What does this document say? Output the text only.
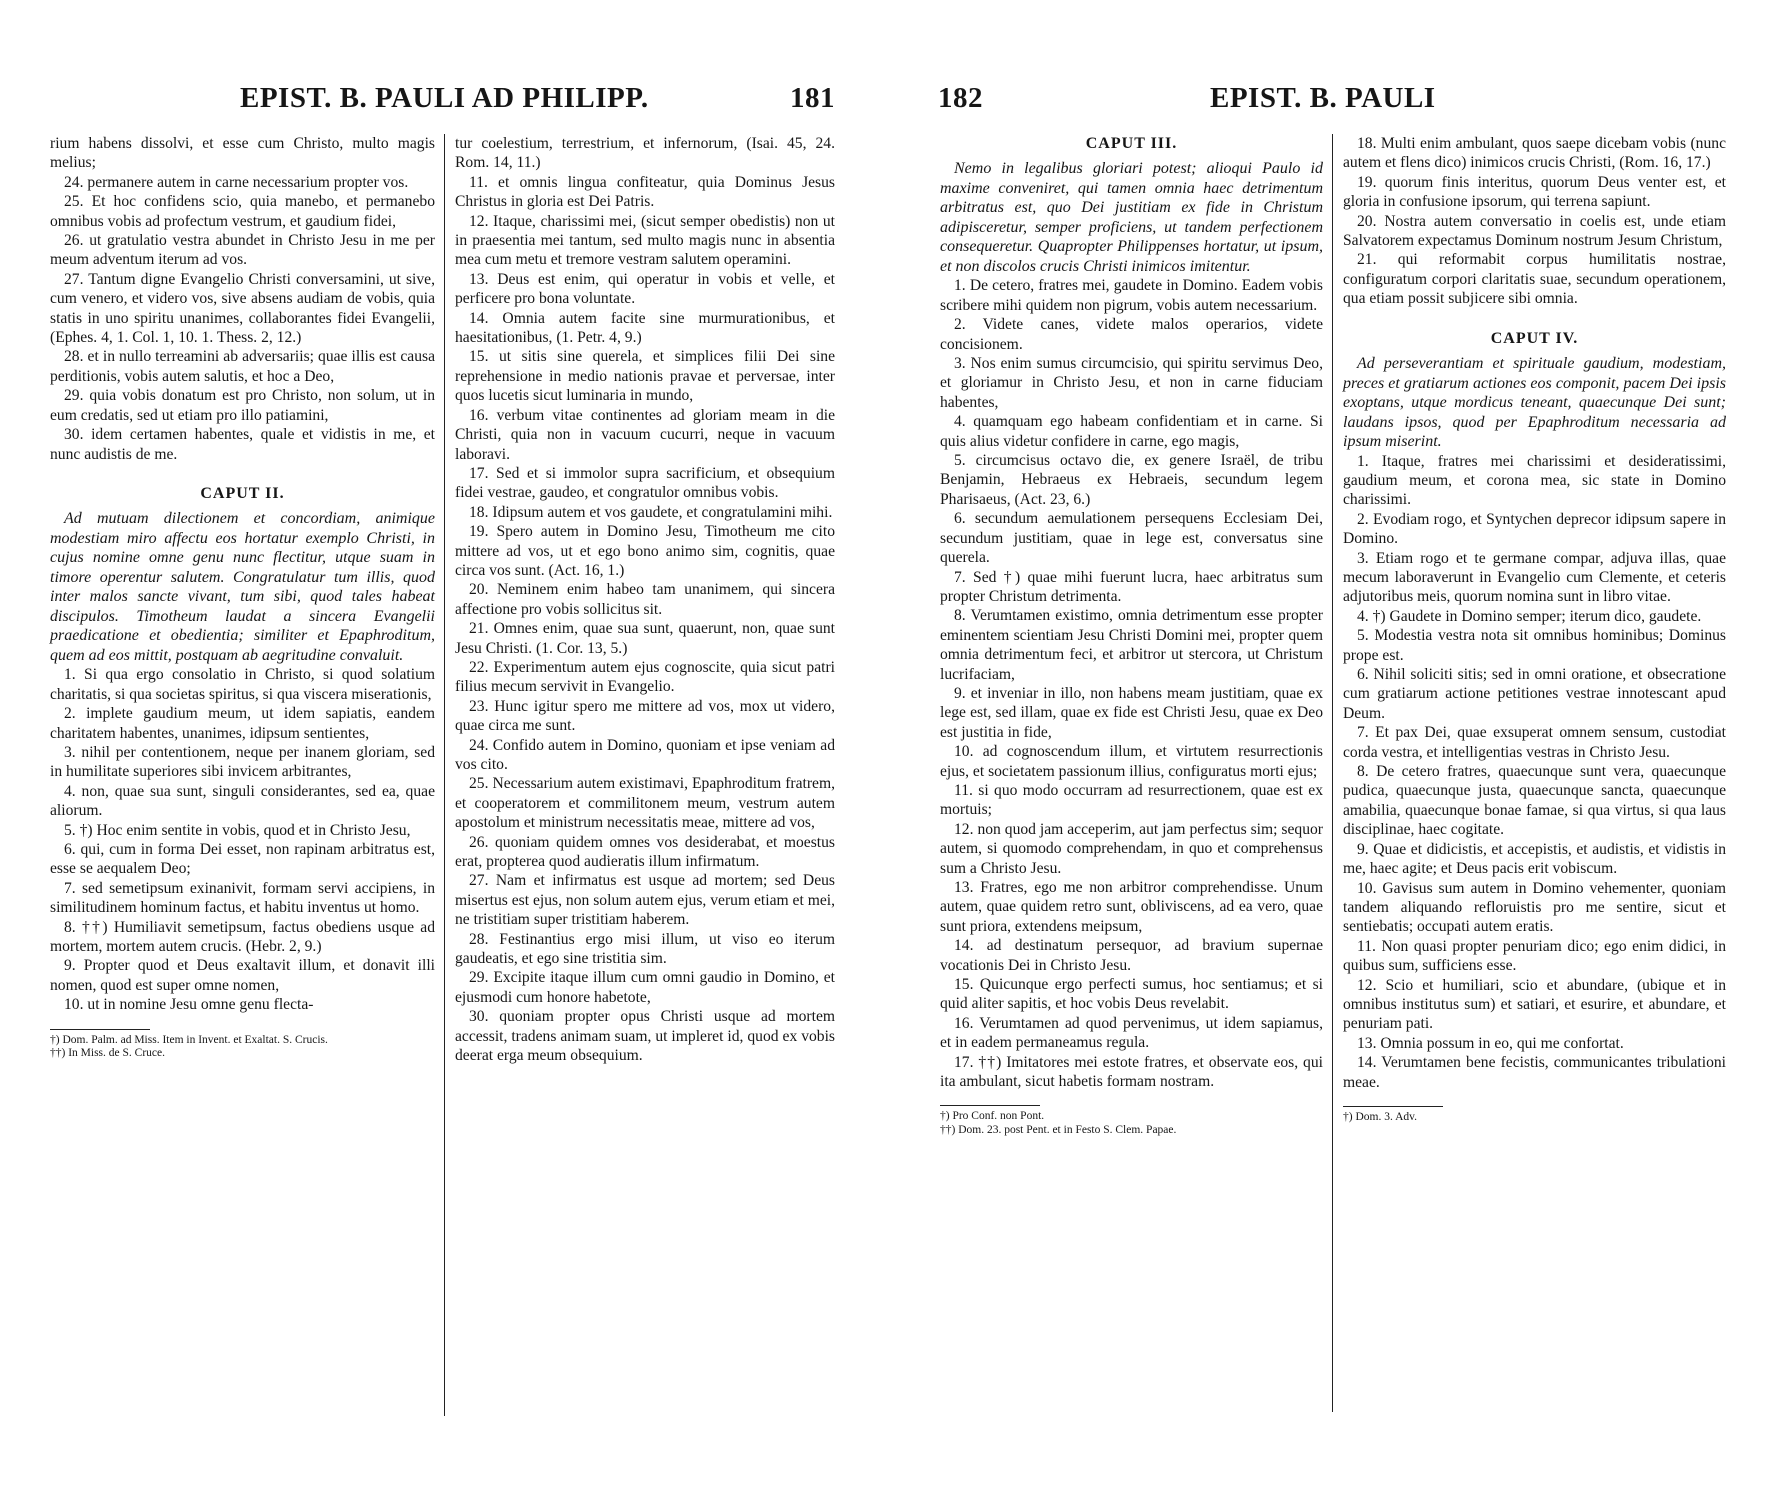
EPIST. B. PAULI AD PHILIPP.	181

rium habens dissolvi, et esse cum Christo, multo magis melius;

24. permanere autem in carne necessarium propter vos.

25. Et hoc confidens scio, quia manebo, et permanebo omnibus vobis ad profectum vestrum, et gaudium fidei,

26. ut gratulatio vestra abundet in Christo Jesu in me per meum adventum iterum ad vos.

27. Tantum digne Evangelio Christi conversamini, ut sive, cum venero, et videro vos, sive absens audiam de vobis, quia statis in uno spiritu unanimes, collaborantes fidei Evangelii, (Ephes. 4, 1. Col. 1, 10. 1. Thess. 2, 12.)

28. et in nullo terreamini ab adversariis; quae illis est causa perditionis, vobis autem salutis, et hoc a Deo,

29. quia vobis donatum est pro Christo, non solum, ut in eum credatis, sed ut etiam pro illo patiamini,

30. idem certamen habentes, quale et vidistis in me, et nunc audistis de me.

CAPUT II.

Ad mutuam dilectionem et concordiam, animique modestiam miro affectu eos hortatur exemplo Christi, in cujus nomine omne genu nunc flectitur, utque suam in timore operentur salutem. Congratulatur tum illis, quod inter malos sancte vivant, tum sibi, quod tales habeat discipulos. Timotheum laudat a sincera Evangelii praedicatione et obedientia; similiter et Epaphroditum, quem ad eos mittit, postquam ab aegritudine convaluit.

1. Si qua ergo consolatio in Christo, si quod solatium charitatis, si qua societas spiritus, si qua viscera miserationis,

2. implete gaudium meum, ut idem sapiatis, eandem charitatem habentes, unanimes, idipsum sentientes,

3. nihil per contentionem, neque per inanem gloriam, sed in humilitate superiores sibi invicem arbitrantes,

4. non, quae sua sunt, singuli considerantes, sed ea, quae aliorum.

5. †) Hoc enim sentite in vobis, quod et in Christo Jesu,

6. qui, cum in forma Dei esset, non rapinam arbitratus est, esse se aequalem Deo;

7. sed semetipsum exinanivit, formam servi accipiens, in similitudinem hominum factus, et habitu inventus ut homo.

8. ††) Humiliavit semetipsum, factus obediens usque ad mortem, mortem autem crucis. (Hebr. 2, 9.)

9. Propter quod et Deus exaltavit illum, et donavit illi nomen, quod est super omne nomen,

10. ut in nomine Jesu omne genu flecta-

†) Dom. Palm. ad Miss. Item in Invent. et Exaltat. S. Crucis.
††) In Miss. de S. Cruce.

tur coelestium, terrestrium, et infernorum, (Isai. 45, 24. Rom. 14, 11.)

11. et omnis lingua confiteatur, quia Dominus Jesus Christus in gloria est Dei Patris.

12. Itaque, charissimi mei, (sicut semper obedistis) non ut in praesentia mei tantum, sed multo magis nunc in absentia mea cum metu et tremore vestram salutem operamini.

13. Deus est enim, qui operatur in vobis et velle, et perficere pro bona voluntate.

14. Omnia autem facite sine murmurationibus, et haesitationibus, (1. Petr. 4, 9.)

15. ut sitis sine querela, et simplices filii Dei sine reprehensione in medio nationis pravae et perversae, inter quos lucetis sicut luminaria in mundo,

16. verbum vitae continentes ad gloriam meam in die Christi, quia non in vacuum cucurri, neque in vacuum laboravi.

17. Sed et si immolor supra sacrificium, et obsequium fidei vestrae, gaudeo, et congratulor omnibus vobis.

18. Idipsum autem et vos gaudete, et congratulamini mihi.

19. Spero autem in Domino Jesu, Timotheum me cito mittere ad vos, ut et ego bono animo sim, cognitis, quae circa vos sunt. (Act. 16, 1.)

20. Neminem enim habeo tam unanimem, qui sincera affectione pro vobis sollicitus sit.

21. Omnes enim, quae sua sunt, quaerunt, non, quae sunt Jesu Christi. (1. Cor. 13, 5.)

22. Experimentum autem ejus cognoscite, quia sicut patri filius mecum servivit in Evangelio.

23. Hunc igitur spero me mittere ad vos, mox ut videro, quae circa me sunt.

24. Confido autem in Domino, quoniam et ipse veniam ad vos cito.

25. Necessarium autem existimavi, Epaphroditum fratrem, et cooperatorem et commilitonem meum, vestrum autem apostolum et ministrum necessitatis meae, mittere ad vos,

26. quoniam quidem omnes vos desiderabat, et moestus erat, propterea quod audieratis illum infirmatum.

27. Nam et infirmatus est usque ad mortem; sed Deus misertus est ejus, non solum autem ejus, verum etiam et mei, ne tristitiam super tristitiam haberem.

28. Festinantius ergo misi illum, ut viso eo iterum gaudeatis, et ego sine tristitia sim.

29. Excipite itaque illum cum omni gaudio in Domino, et ejusmodi cum honore habetote,

30. quoniam propter opus Christi usque ad mortem accessit, tradens animam suam, ut impleret id, quod ex vobis deerat erga meum obsequium.

182	EPIST. B. PAULI
CAPUT III.

Nemo in legalibus gloriari potest; alioqui Paulo id maxime conveniret, qui tamen omnia haec detrimentum arbitratus est, quo Dei justitiam ex fide in Christum adipisceretur, semper proficiens, ut tandem perfectionem consequeretur. Quapropter Philippenses hortatur, ut ipsum, et non discolos crucis Christi inimicos imitentur.

1. De cetero, fratres mei, gaudete in Domino. Eadem vobis scribere mihi quidem non pigrum, vobis autem necessarium.

2. Videte canes, videte malos operarios, videte concisionem.

3. Nos enim sumus circumcisio, qui spiritu servimus Deo, et gloriamur in Christo Jesu, et non in carne fiduciam habentes,

4. quamquam ego habeam confidentiam et in carne. Si quis alius videtur confidere in carne, ego magis,

5. circumcisus octavo die, ex genere Israël, de tribu Benjamin, Hebraeus ex Hebraeis, secundum legem Pharisaeus, (Act. 23, 6.)

6. secundum aemulationem persequens Ecclesiam Dei, secundum justitiam, quae in lege est, conversatus sine querela.

7. Sed †) quae mihi fuerunt lucra, haec arbitratus sum propter Christum detrimenta.

8. Verumtamen existimo, omnia detrimentum esse propter eminentem scientiam Jesu Christi Domini mei, propter quem omnia detrimentum feci, et arbitror ut stercora, ut Christum lucrifaciam,

9. et inveniar in illo, non habens meam justitiam, quae ex lege est, sed illam, quae ex fide est Christi Jesu, quae ex Deo est justitia in fide,

10. ad cognoscendum illum, et virtutem resurrectionis ejus, et societatem passionum illius, configuratus morti ejus;

11. si quo modo occurram ad resurrectionem, quae est ex mortuis;

12. non quod jam acceperim, aut jam perfectus sim; sequor autem, si quomodo comprehendam, in quo et comprehensus sum a Christo Jesu.

13. Fratres, ego me non arbitror comprehendisse. Unum autem, quae quidem retro sunt, obliviscens, ad ea vero, quae sunt priora, extendens meipsum,

14. ad destinatum persequor, ad bravium supernae vocationis Dei in Christo Jesu.

15. Quicunque ergo perfecti sumus, hoc sentiamus; et si quid aliter sapitis, et hoc vobis Deus revelabit.

16. Verumtamen ad quod pervenimus, ut idem sapiamus, et in eadem permaneamus regula.

17. ††) Imitatores mei estote fratres, et observate eos, qui ita ambulant, sicut habetis formam nostram.

†) Pro Conf. non Pont.
††) Dom. 23. post Pent. et in Festo S. Clem. Papae.

18. Multi enim ambulant, quos saepe dicebam vobis (nunc autem et flens dico) inimicos crucis Christi, (Rom. 16, 17.)

19. quorum finis interitus, quorum Deus venter est, et gloria in confusione ipsorum, qui terrena sapiunt.

20. Nostra autem conversatio in coelis est, unde etiam Salvatorem expectamus Dominum nostrum Jesum Christum,

21. qui reformabit corpus humilitatis nostrae, configuratum corpori claritatis suae, secundum operationem, qua etiam possit subjicere sibi omnia.

CAPUT IV.

Ad perseverantiam et spirituale gaudium, modestiam, preces et gratiarum actiones eos componit, pacem Dei ipsis exoptans, utque mordicus teneant, quaecunque Dei sunt; laudans ipsos, quod per Epaphroditum necessaria ad ipsum miserint.

1. Itaque, fratres mei charissimi et desideratissimi, gaudium meum, et corona mea, sic state in Domino charissimi.

2. Evodiam rogo, et Syntychen deprecor idipsum sapere in Domino.

3. Etiam rogo et te germane compar, adjuva illas, quae mecum laboraverunt in Evangelio cum Clemente, et ceteris adjutoribus meis, quorum nomina sunt in libro vitae.

4. †) Gaudete in Domino semper; iterum dico, gaudete.

5. Modestia vestra nota sit omnibus hominibus; Dominus prope est.

6. Nihil soliciti sitis; sed in omni oratione, et obsecratione cum gratiarum actione petitiones vestrae innotescant apud Deum.

7. Et pax Dei, quae exsuperat omnem sensum, custodiat corda vestra, et intelligentias vestras in Christo Jesu.

8. De cetero fratres, quaecunque sunt vera, quaecunque pudica, quaecunque justa, quaecunque sancta, quaecunque amabilia, quaecunque bonae famae, si qua virtus, si qua laus disciplinae, haec cogitate.

9. Quae et didicistis, et accepistis, et audistis, et vidistis in me, haec agite; et Deus pacis erit vobiscum.

10. Gavisus sum autem in Domino vehementer, quoniam tandem aliquando refloruistis pro me sentire, sicut et sentiebatis; occupati autem eratis.

11. Non quasi propter penuriam dico; ego enim didici, in quibus sum, sufficiens esse.

12. Scio et humiliari, scio et abundare, (ubique et in omnibus institutus sum) et satiari, et esurire, et abundare, et penuriam pati.

13. Omnia possum in eo, qui me confortat.

14. Verumtamen bene fecistis, communicantes tribulationi meae.

†) Dom. 3. Adv.
